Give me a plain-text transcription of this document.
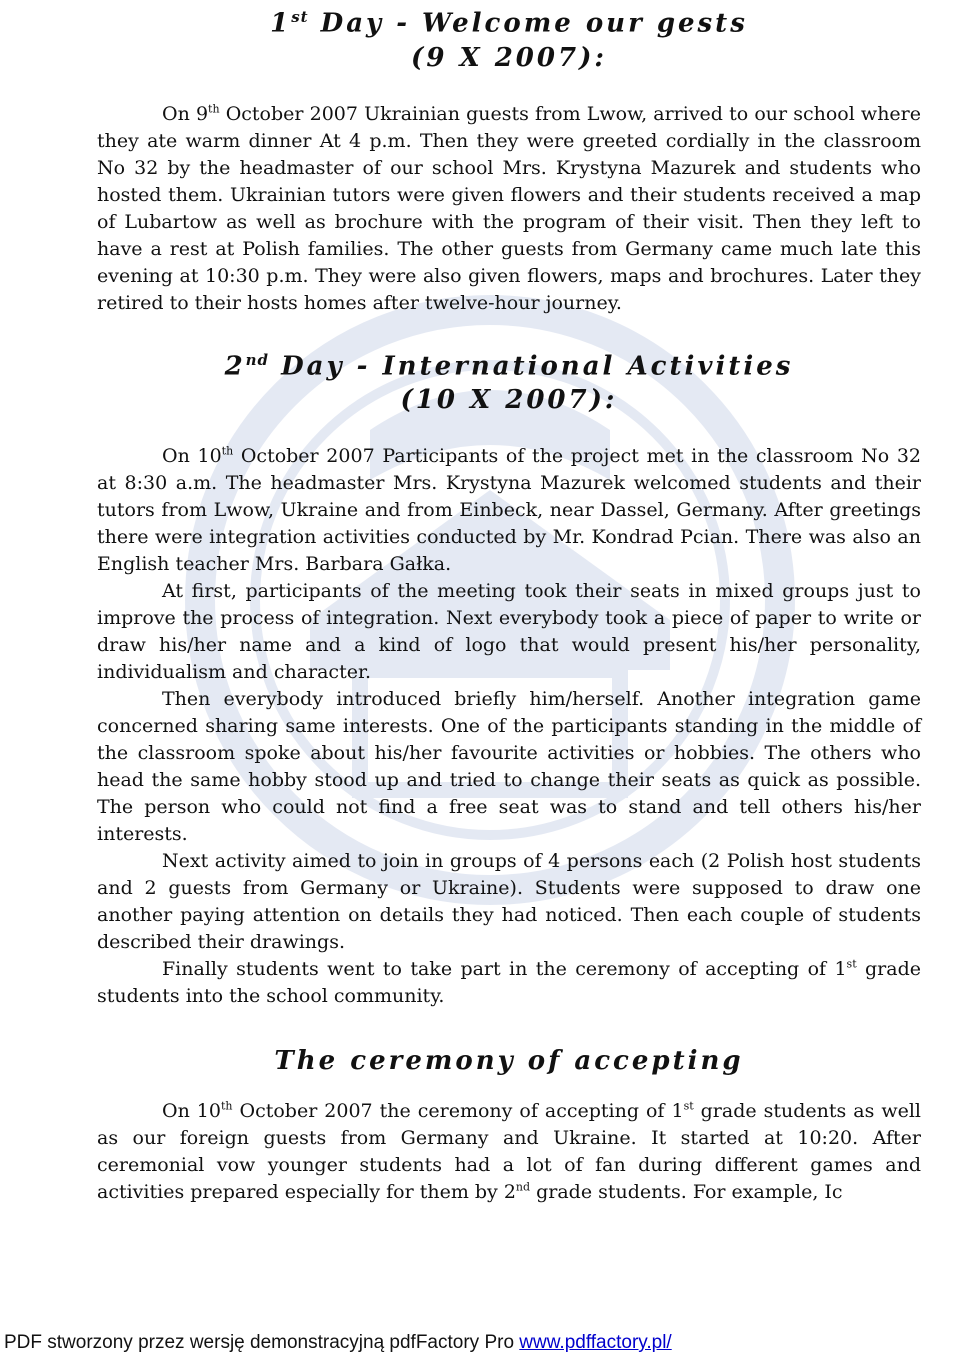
1st Day - Welcome our gests
(9 X 2007):

On 9th October 2007 Ukrainian guests from Lwow, arrived to our school where they ate warm dinner At 4 p.m. Then they were greeted cordially in the classroom No 32 by the headmaster of our school Mrs. Krystyna Mazurek and students who hosted them. Ukrainian tutors were given flowers and their students received a map of Lubartow as well as brochure with the program of their visit. Then they left to have a rest at Polish families. The other guests from Germany came much late this evening at 10:30 p.m. They were also given flowers, maps and brochures. Later they retired to their hosts homes after twelve-hour journey.

2nd Day - International Activities
(10 X 2007):

On 10th October 2007 Participants of the project met in the classroom No 32 at 8:30 a.m. The headmaster Mrs. Krystyna Mazurek welcomed students and their tutors from Lwow, Ukraine and from Einbeck, near Dassel, Germany. After greetings there were integration activities conducted by Mr. Kondrad Pcian. There was also an English teacher Mrs. Barbara Gałka.

At first, participants of the meeting took their seats in mixed groups just to improve the process of integration. Next everybody took a piece of paper to write or draw his/her name and a kind of logo that would present his/her personality, individualism and character.

Then everybody introduced briefly him/herself. Another integration game concerned sharing same interests. One of the participants standing in the middle of the classroom spoke about his/her favourite activities or hobbies. The others who head the same hobby stood up and tried to change their seats as quick as possible. The person who could not find a free seat was to stand and tell others his/her interests.

Next activity aimed to join in groups of 4 persons each (2 Polish host students and 2 guests from Germany or Ukraine). Students were supposed to draw one another paying attention on details they had noticed. Then each couple of students described their drawings.

Finally students went to take part in the ceremony of accepting of 1st grade students into the school community.

The ceremony of accepting

On 10th October 2007 the ceremony of accepting of 1st grade students as well as our foreign guests from Germany and Ukraine. It started at 10:20. After ceremonial vow younger students had a lot of fan during different games and activities prepared especially for them by 2nd grade students. For example, Ic

PDF stworzony przez wersję demonstracyjną pdfFactory Pro www.pdffactory.pl/
